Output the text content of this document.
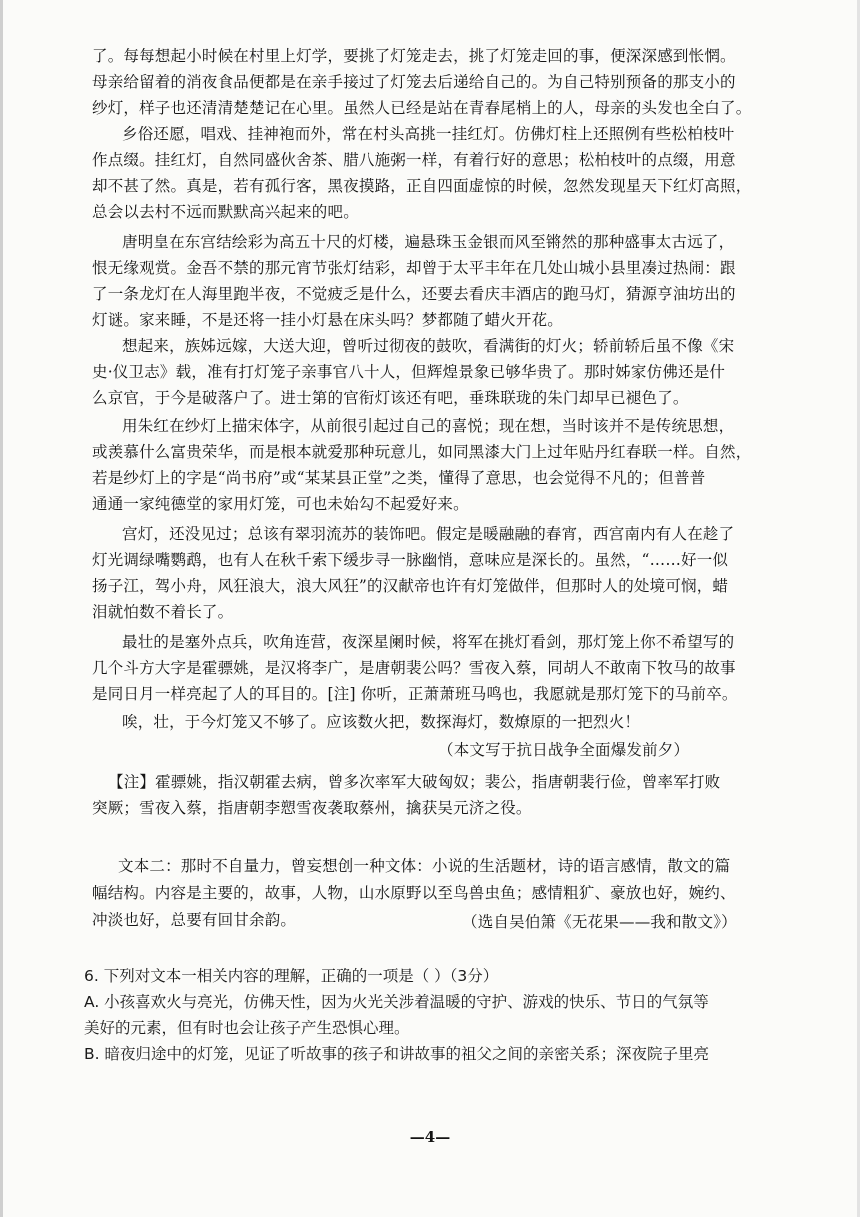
了。每每想起小时候在村里上灯学，要挑了灯笼走去，挑了灯笼走回的事，便深深感到怅惘。
母亲给留着的消夜食品便都是在亲手接过了灯笼去后递给自己的。为自己特别预备的那支小的
纱灯，样子也还清清楚楚记在心里。虽然人已经是站在青春尾梢上的人，母亲的头发也全白了。
乡俗还愿，唱戏、挂神袍而外，常在村头高挑一挂红灯。仿佛灯柱上还照例有些松柏枝叶
作点缀。挂红灯，自然同盛伙舍茶、腊八施粥一样，有着行好的意思；松柏枝叶的点缀，用意
却不甚了然。真是，若有孤行客，黑夜摸路，正自四面虚惊的时候，忽然发现星天下红灯高照，
总会以去村不远而默默高兴起来的吧。
唐明皇在东宫结绘彩为高五十尺的灯楼，遍悬珠玉金银而风至锵然的那种盛事太古远了，
恨无缘观赏。金吾不禁的那元宵节张灯结彩，却曾于太平丰年在几处山城小县里凑过热闹：跟
了一条龙灯在人海里跑半夜，不觉疲乏是什么，还要去看庆丰酒店的跑马灯，猜源亨油坊出的
灯谜。家来睡，不是还将一挂小灯悬在床头吗？梦都随了蜡火开花。
想起来，族姊远嫁，大送大迎，曾听过彻夜的鼓吹，看满街的灯火；轿前轿后虽不像《宋
史·仪卫志》载，准有打灯笼子亲事官八十人，但辉煌景象已够华贵了。那时姊家仿佛还是什
么京官，于今是破落户了。进士第的官衔灯该还有吧，垂珠联珑的朱门却早已褪色了。
用朱红在纱灯上描宋体字，从前很引起过自己的喜悦；现在想，当时该并不是传统思想，
或羡慕什么富贵荣华，而是根本就爱那种玩意儿，如同黑漆大门上过年贴丹红春联一样。自然，
若是纱灯上的字是“尚书府”或“某某县正堂”之类，懂得了意思，也会觉得不凡的；但普普
通通一家纯德堂的家用灯笼，可也未始勾不起爱好来。
宫灯，还没见过；总该有翠羽流苏的装饰吧。假定是暖融融的春宵，西宫南内有人在趁了
灯光调绿嘴鹦鹉，也有人在秋千索下缓步寻一脉幽悄，意味应是深长的。虽然，“……好一似
扬子江，驾小舟，风狂浪大，浪大风狂”的汉献帝也许有灯笼做伴，但那时人的处境可悯，蜡
泪就怕数不着长了。
最壮的是塞外点兵，吹角连营，夜深星阑时候，将军在挑灯看剑，那灯笼上你不希望写的
几个斗方大字是霍骠姚，是汉将李广，是唐朝裴公吗？雪夜入蔡，同胡人不敢南下牧马的故事
是同日月一样亮起了人的耳目的。[注] 你听，正萧萧班马鸣也，我愿就是那灯笼下的马前卒。
唉，壮，于今灯笼又不够了。应该数火把，数探海灯，数燎原的一把烈火！
（本文写于抗日战争全面爆发前夕）
【注】霍骠姚，指汉朝霍去病，曾多次率军大破匈奴；裴公，指唐朝裴行俭，曾率军打败
突厥；雪夜入蔡，指唐朝李愬雪夜袭取蔡州，擒获吴元济之役。
文本二：那时不自量力，曾妄想创一种文体：小说的生活题材，诗的语言感情，散文的篇
幅结构。内容是主要的，故事，人物，山水原野以至鸟兽虫鱼；感情粗犷、豪放也好，婉约、
冲淡也好，总要有回甘余韵。	（选自吴伯箫《无花果——我和散文》）
6. 下列对文本一相关内容的理解，正确的一项是（ ）（3分）
A. 小孩喜欢火与亮光，仿佛天性，因为火光关涉着温暖的守护、游戏的快乐、节日的气氛等
美好的元素，但有时也会让孩子产生恐惧心理。
B. 暗夜归途中的灯笼，见证了听故事的孩子和讲故事的祖父之间的亲密关系；深夜院子里亮
—4—
